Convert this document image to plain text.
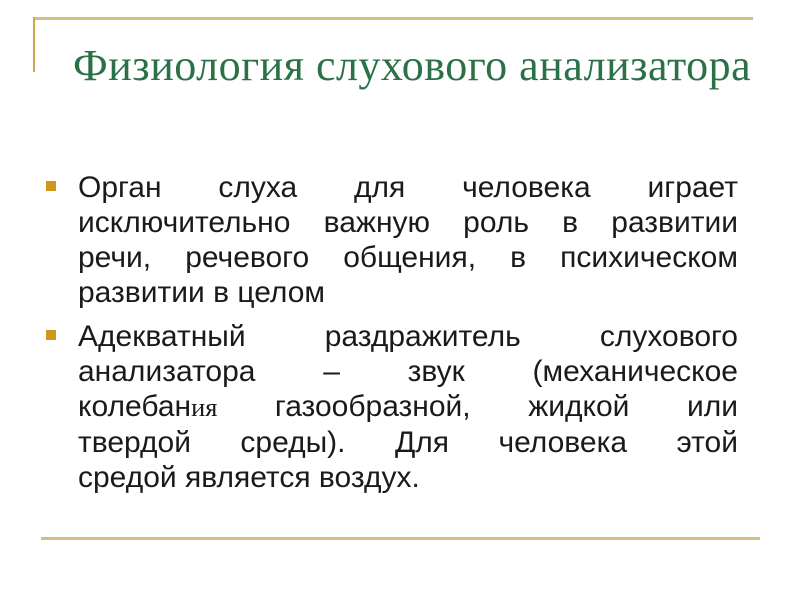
Физиология слухового анализатора
Орган слуха для человека играет
исключительно важную роль в развитии
речи, речевого общения, в психическом
развитии в целом
Адекватный раздражитель слухового
анализатора – звук (механическое
колебания газообразной, жидкой или
твердой среды). Для человека этой
средой является воздух.
